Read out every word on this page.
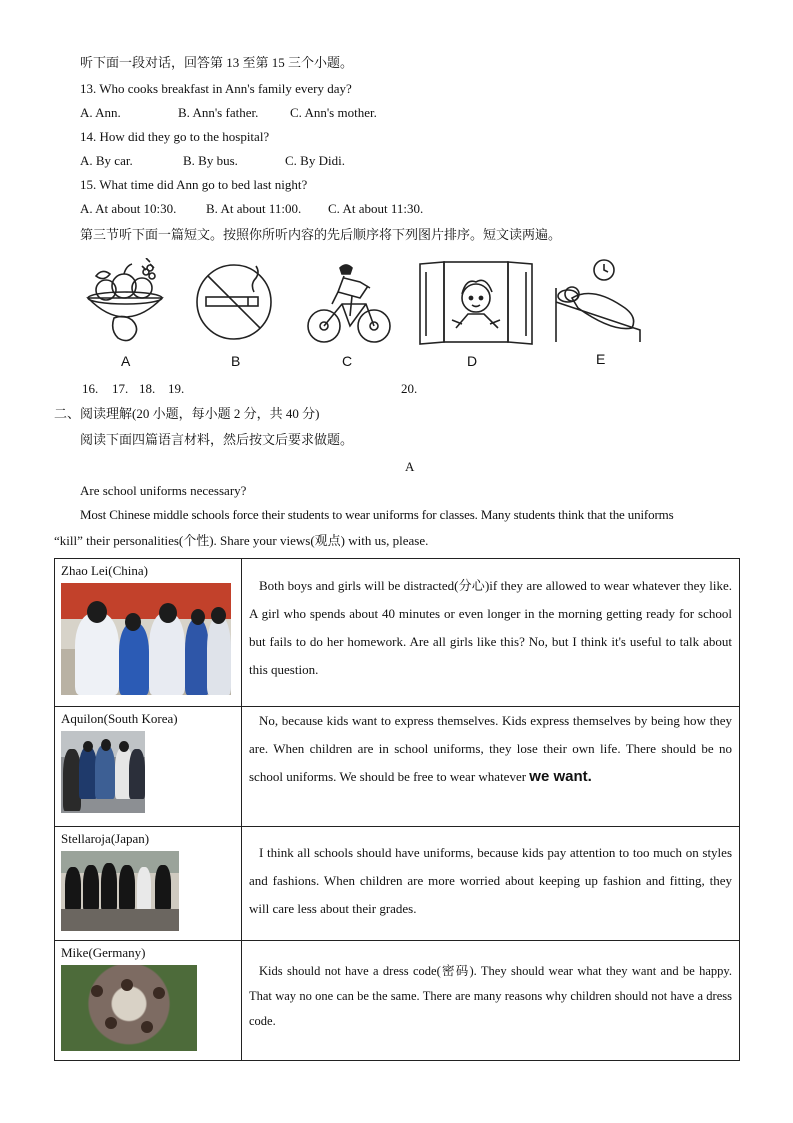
听下面一段对话，回答第 13 至第 15 三个小题。
13. Who cooks breakfast in Ann's family every day?
A. Ann.	B. Ann's father. C. Ann's mother.
14. How did they go to the hospital?
A. By car.	B. By bus.	C. By Didi.
15. What time did Ann go to bed last night?
A. At about 10:30. B. At about 11:00. C. At about 11:30.
第三节听下面一篇短文。按照你所听内容的先后顺序将下列图片排序。短文读两遍。
A	B	C	D	E
16. 17. 18. 19.	20.
二、阅读理解(20 小题，每小题 2 分，共 40 分)
阅读下面四篇语言材料，然后按文后要求做题。
A
Are school uniforms necessary?
Most Chinese middle schools force their students to wear uniforms for classes. Many students think that the uniforms
“kill” their personalities(个性). Share your views(观点) with us, please.
Zhao Lei(China)	Both boys and girls will be distracted(分心)if they are allowed to wear whatever they like. A girl who spends about 40 minutes or even longer in the morning getting ready for school but fails to do her homework. Are all girls like this? No, but I think it's useful to talk about this question.

Aquilon(South Korea)	No, because kids want to express themselves. Kids express themselves by being how they are. When children are in school uniforms, they lose their own life. There should be no school uniforms. We should be free to wear whatever we want.

Stellaroja(Japan)	I think all schools should have uniforms, because kids pay attention to too much on styles and fashions. When children are more worried about keeping up fashion and fitting, they will care less about their grades.

Mike(Germany)	Kids should not have a dress code(密码). They should wear what they want and be happy. That way no one can be the same. There are many reasons why children should not have a dress code.
